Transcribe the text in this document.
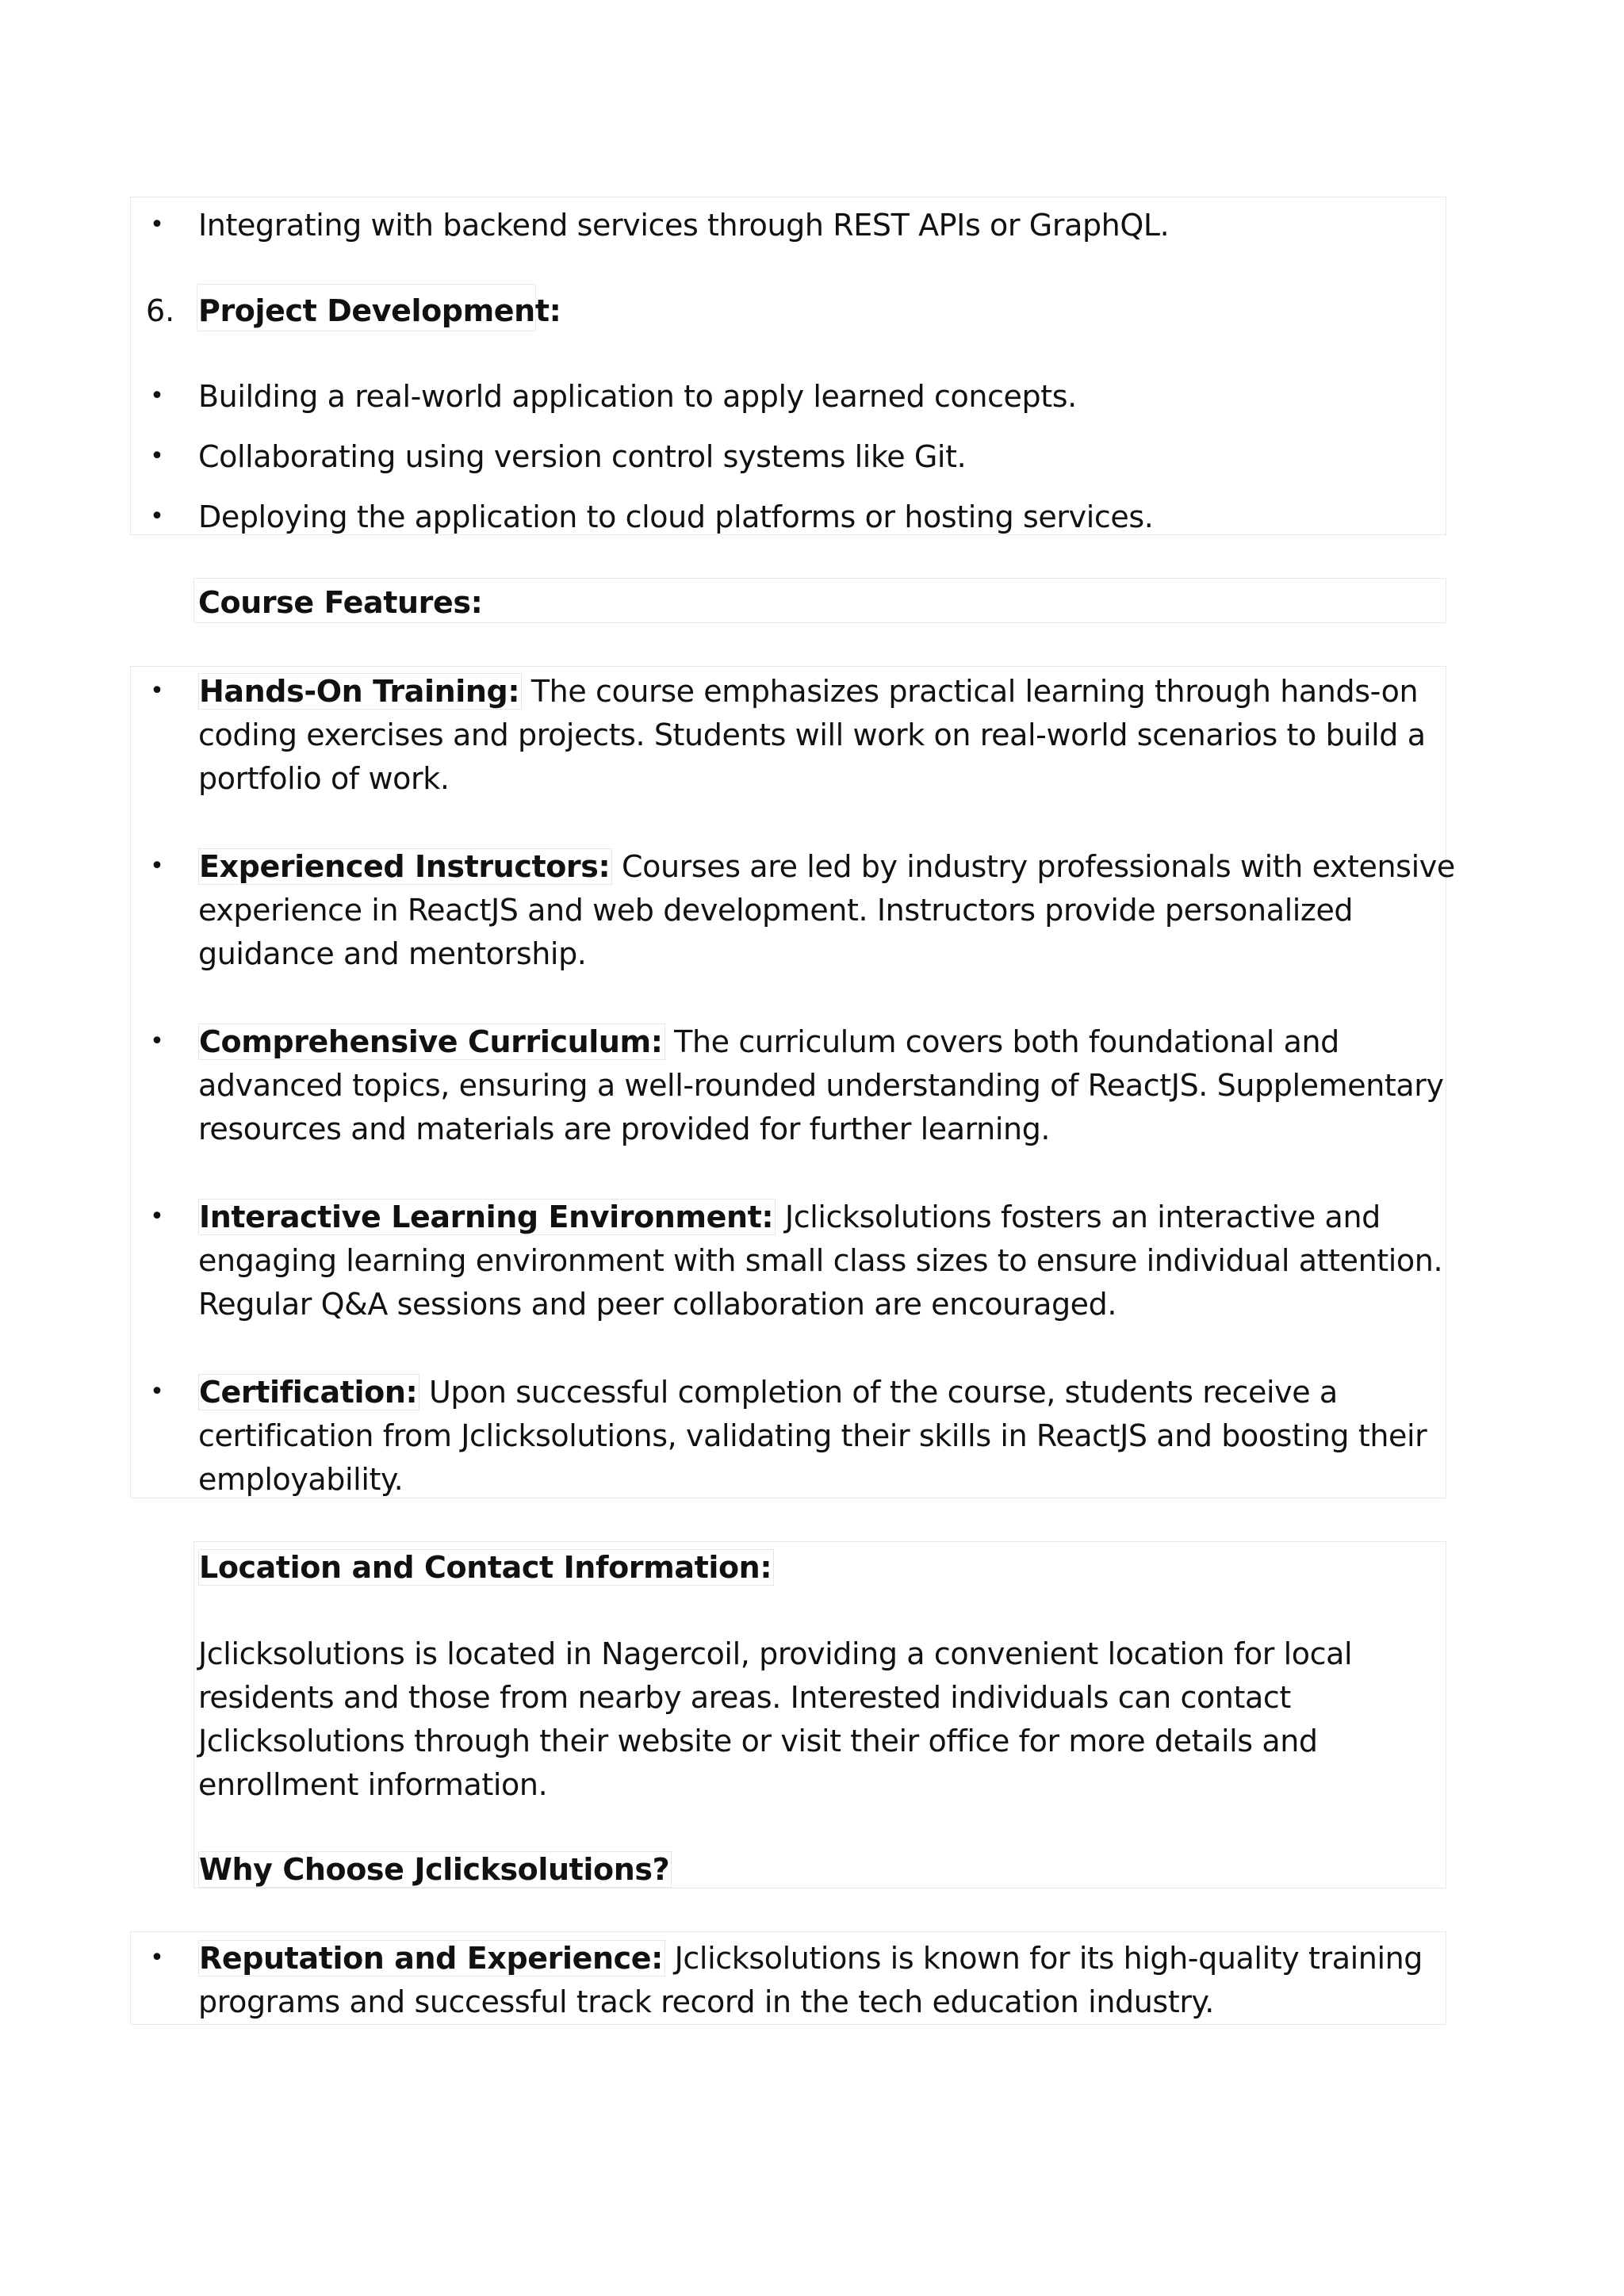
• Integrating with backend services through REST APIs or GraphQL.
6. Project Development:
• Building a real-world application to apply learned concepts.
• Collaborating using version control systems like Git.
• Deploying the application to cloud platforms or hosting services.
Course Features:
• Hands-On Training: The course emphasizes practical learning through hands-on
coding exercises and projects. Students will work on real-world scenarios to build a
portfolio of work.
• Experienced Instructors: Courses are led by industry professionals with extensive
experience in ReactJS and web development. Instructors provide personalized
guidance and mentorship.
• Comprehensive Curriculum: The curriculum covers both foundational and
advanced topics, ensuring a well-rounded understanding of ReactJS. Supplementary
resources and materials are provided for further learning.
• Interactive Learning Environment: Jclicksolutions fosters an interactive and
engaging learning environment with small class sizes to ensure individual attention.
Regular Q&A sessions and peer collaboration are encouraged.
• Certification: Upon successful completion of the course, students receive a
certification from Jclicksolutions, validating their skills in ReactJS and boosting their
employability.
Location and Contact Information:
Jclicksolutions is located in Nagercoil, providing a convenient location for local
residents and those from nearby areas. Interested individuals can contact
Jclicksolutions through their website or visit their office for more details and
enrollment information.
Why Choose Jclicksolutions?
• Reputation and Experience: Jclicksolutions is known for its high-quality training
programs and successful track record in the tech education industry.
